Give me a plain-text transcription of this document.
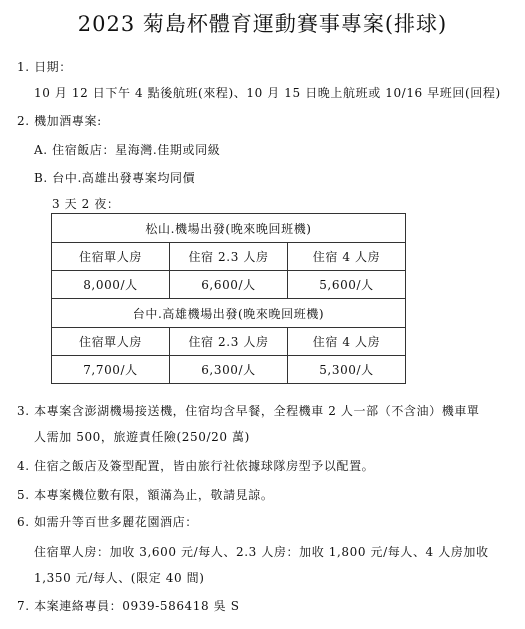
2023 菊島杯體育運動賽事專案(排球)
1. 日期：
10 月 12 日下午 4 點後航班(來程)、10 月 15 日晚上航班或 10/16 早班回(回程)
2. 機加酒專案:
A. 住宿飯店：星海灣.佳期或同級
B. 台中.高雄出發專案均同價
3 天 2 夜：
松山.機場出發(晚來晚回班機)		
住宿單人房	住宿 2.3 人房	住宿 4 人房
8,000/人	6,600/人	5,600/人
台中.高雄機場出發(晚來晚回班機)		
住宿單人房	住宿 2.3 人房	住宿 4 人房
7,700/人	6,300/人	5,300/人
3. 本專案含澎湖機場接送機，住宿均含早餐，全程機車 2 人一部（不含油）機車單
人需加 500，旅遊責任險(250/20 萬)
4. 住宿之飯店及簽型配置，皆由旅行社依據球隊房型予以配置。
5. 本專案機位數有限，額滿為止，敬請見諒。
6. 如需升等百世多麗花園酒店：
住宿單人房：加收 3,600 元/每人、2.3 人房：加收 1,800 元/每人、4 人房加收
1,350 元/每人、(限定 40 間)
7. 本案連絡專員：0939-586418 吳 S
